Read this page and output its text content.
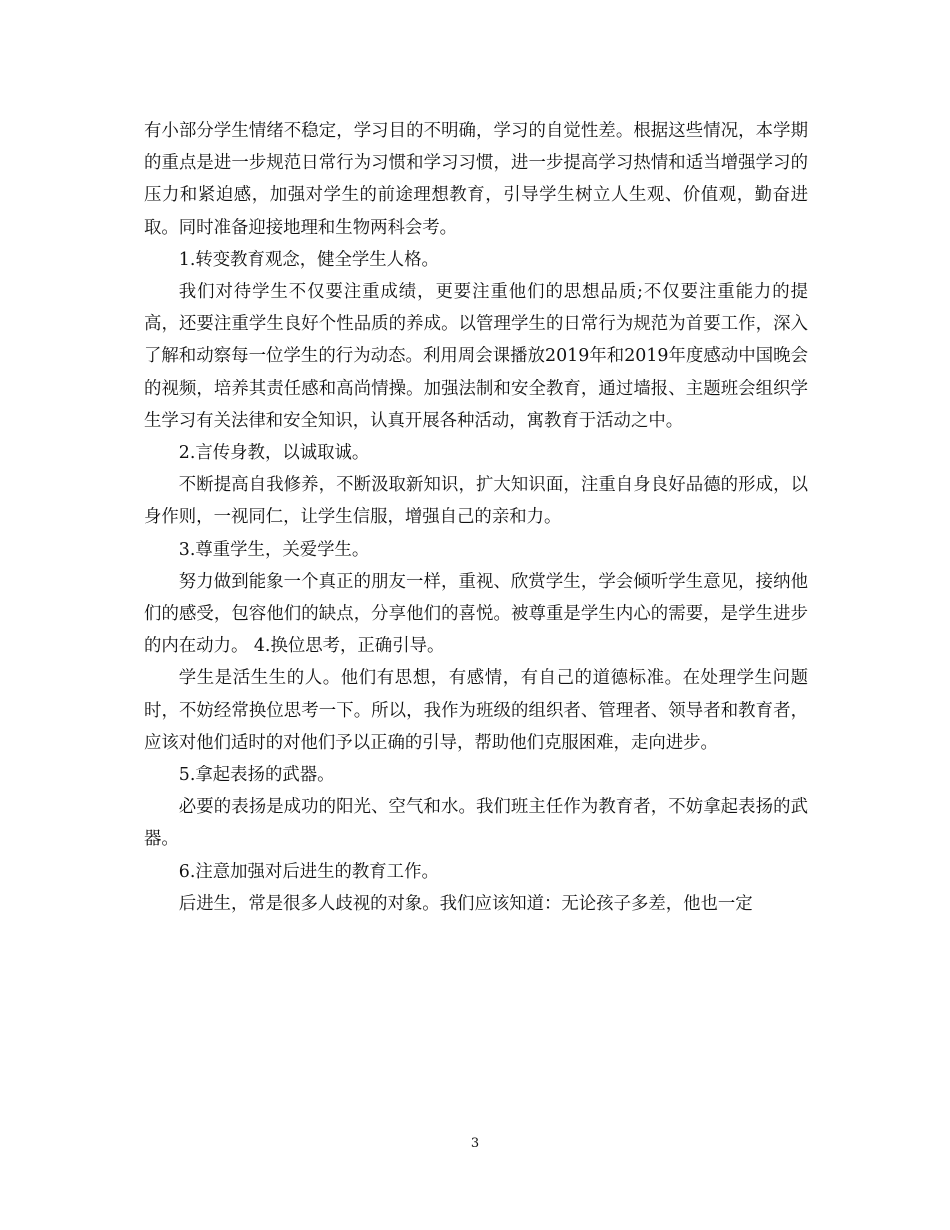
有小部分学生情绪不稳定，学习目的不明确，学习的自觉性差。根据这些情况，本学期的重点是进一步规范日常行为习惯和学习习惯，进一步提高学习热情和适当增强学习的压力和紧迫感，加强对学生的前途理想教育，引导学生树立人生观、价值观，勤奋进取。同时准备迎接地理和生物两科会考。

1.转变教育观念，健全学生人格。

我们对待学生不仅要注重成绩，更要注重他们的思想品质;不仅要注重能力的提高，还要注重学生良好个性品质的养成。以管理学生的日常行为规范为首要工作，深入了解和动察每一位学生的行为动态。利用周会课播放2019年和2019年度感动中国晚会的视频，培养其责任感和高尚情操。加强法制和安全教育，通过墙报、主题班会组织学生学习有关法律和安全知识，认真开展各种活动，寓教育于活动之中。

2.言传身教，以诚取诚。

不断提高自我修养，不断汲取新知识，扩大知识面，注重自身良好品德的形成，以身作则，一视同仁，让学生信服，增强自己的亲和力。

3.尊重学生，关爱学生。

努力做到能象一个真正的朋友一样，重视、欣赏学生，学会倾听学生意见，接纳他们的感受，包容他们的缺点，分享他们的喜悦。被尊重是学生内心的需要，是学生进步的内在动力。 4.换位思考，正确引导。

学生是活生生的人。他们有思想，有感情，有自己的道德标准。在处理学生问题时，不妨经常换位思考一下。所以，我作为班级的组织者、管理者、领导者和教育者，应该对他们适时的对他们予以正确的引导，帮助他们克服困难，走向进步。

5.拿起表扬的武器。

必要的表扬是成功的阳光、空气和水。我们班主任作为教育者，不妨拿起表扬的武器。

6.注意加强对后进生的教育工作。

后进生，常是很多人歧视的对象。我们应该知道：无论孩子多差，他也一定

3
